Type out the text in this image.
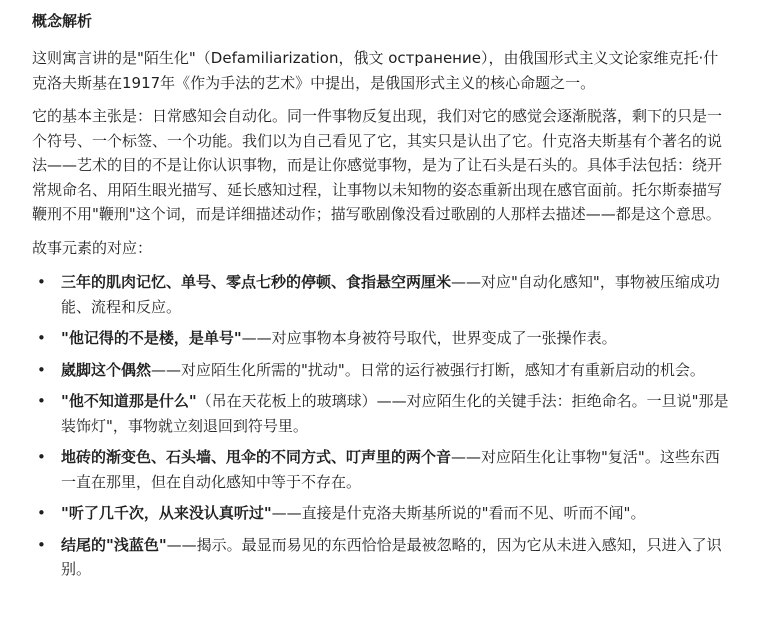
概念解析

这则寓言讲的是"陌生化"（Defamiliarization，俄文 остранение），由俄国形式主义文论家维克托·什克洛夫斯基在1917年《作为手法的艺术》中提出，是俄国形式主义的核心命题之一。

它的基本主张是：日常感知会自动化。同一件事物反复出现，我们对它的感觉会逐渐脱落，剩下的只是一个符号、一个标签、一个功能。我们以为自己看见了它，其实只是认出了它。什克洛夫斯基有个著名的说法——艺术的目的不是让你认识事物，而是让你感觉事物，是为了让石头是石头的。具体手法包括：绕开常规命名、用陌生眼光描写、延长感知过程，让事物以未知物的姿态重新出现在感官面前。托尔斯泰描写鞭刑不用"鞭刑"这个词，而是详细描述动作；描写歌剧像没看过歌剧的人那样去描述——都是这个意思。

故事元素的对应：

• 三年的肌肉记忆、单号、零点七秒的停顿、食指悬空两厘米——对应"自动化感知"，事物被压缩成功能、流程和反应。
• "他记得的不是楼，是单号"——对应事物本身被符号取代，世界变成了一张操作表。
• 崴脚这个偶然——对应陌生化所需的"扰动"。日常的运行被强行打断，感知才有重新启动的机会。
• "他不知道那是什么"（吊在天花板上的玻璃球）——对应陌生化的关键手法：拒绝命名。一旦说"那是装饰灯"，事物就立刻退回到符号里。
• 地砖的渐变色、石头墙、甩伞的不同方式、叮声里的两个音——对应陌生化让事物"复活"。这些东西一直在那里，但在自动化感知中等于不存在。
• "听了几千次，从来没认真听过"——直接是什克洛夫斯基所说的"看而不见、听而不闻"。
• 结尾的"浅蓝色"——揭示。最显而易见的东西恰恰是最被忽略的，因为它从未进入感知，只进入了识别。
